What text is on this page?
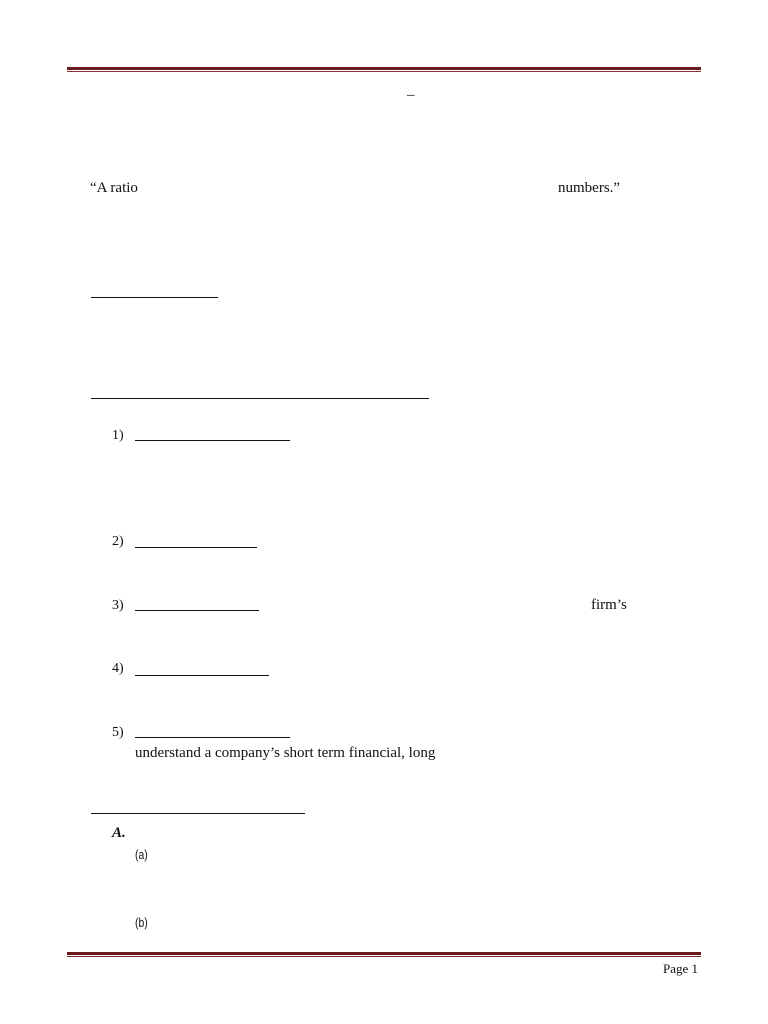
–
“A ratio	numbers.”
1)
2)
3)	firm’s
4)
5)
understand a company’s short term financial, long
A.
(a)
(b)
Page 1
